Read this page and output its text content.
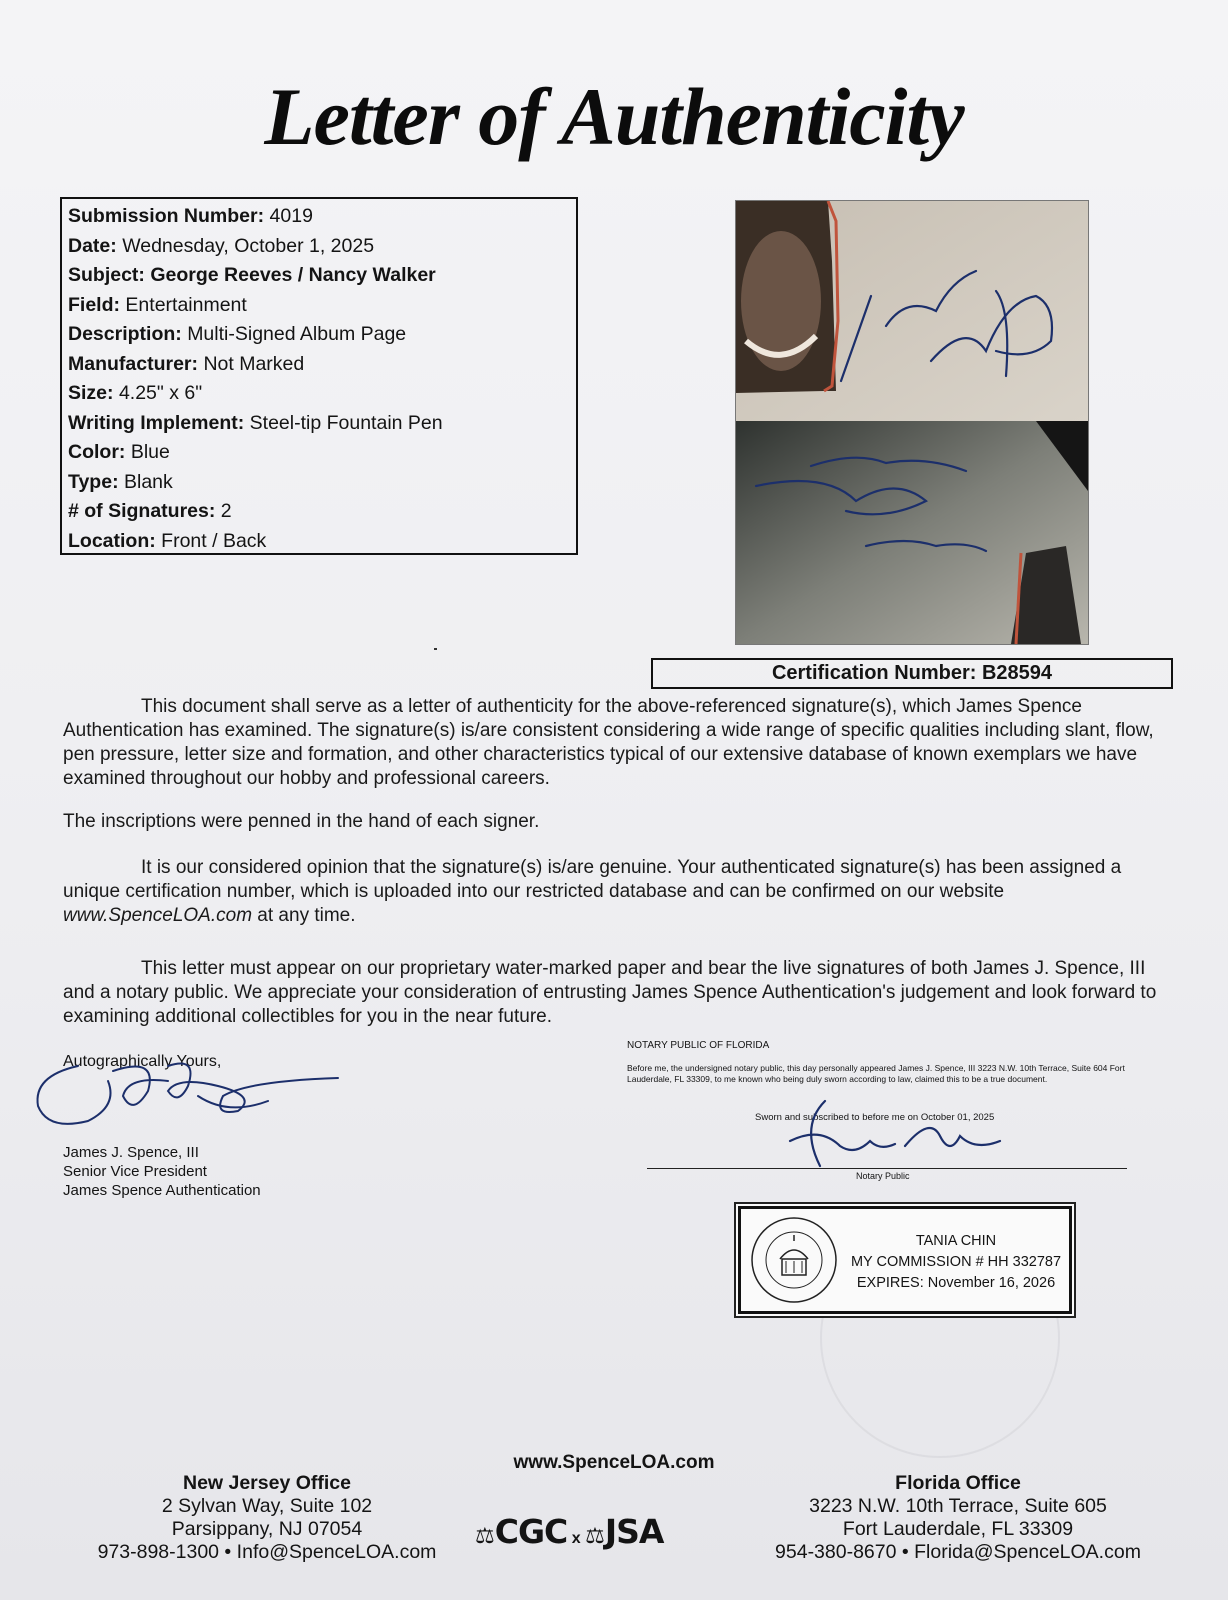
Letter of Authenticity
Submission Number: 4019
Date: Wednesday, October 1, 2025
Subject: George Reeves / Nancy Walker
Field: Entertainment
Description: Multi-Signed Album Page
Manufacturer: Not Marked
Size: 4.25" x 6"
Writing Implement: Steel-tip Fountain Pen
Color: Blue
Type: Blank
# of Signatures: 2
Location: Front / Back
Certification Number: B28594

This document shall serve as a letter of authenticity for the above-referenced signature(s), which James Spence Authentication has examined. The signature(s) is/are consistent considering a wide range of specific qualities including slant, flow, pen pressure, letter size and formation, and other characteristics typical of our extensive database of known exemplars we have examined throughout our hobby and professional careers.

The inscriptions were penned in the hand of each signer.

It is our considered opinion that the signature(s) is/are genuine. Your authenticated signature(s) has been assigned a unique certification number, which is uploaded into our restricted database and can be confirmed on our website www.SpenceLOA.com at any time.

This letter must appear on our proprietary water-marked paper and bear the live signatures of both James J. Spence, III and a notary public. We appreciate your consideration of entrusting James Spence Authentication's judgement and look forward to examining additional collectibles for you in the near future.

Autographically Yours,
James J. Spence, III
Senior Vice President
James Spence Authentication

NOTARY PUBLIC OF FLORIDA

Before me, the undersigned notary public, this day personally appeared James J. Spence, III 3223 N.W. 10th Terrace, Suite 604 Fort Lauderdale, FL 33309, to me known who being duly sworn according to law, claimed this to be a true document.

Sworn and subscribed to before me on October 01, 2025
Notary Public
TANIA CHIN
MY COMMISSION # HH 332787
EXPIRES: November 16, 2026
www.SpenceLOA.com
New Jersey Office
2 Sylvan Way, Suite 102
Parsippany, NJ 07054
973-898-1300 • Info@SpenceLOA.com
Florida Office
3223 N.W. 10th Terrace, Suite 605
Fort Lauderdale, FL 33309
954-380-8670 • Florida@SpenceLOA.com
⚖CGC x ⚖JSA
